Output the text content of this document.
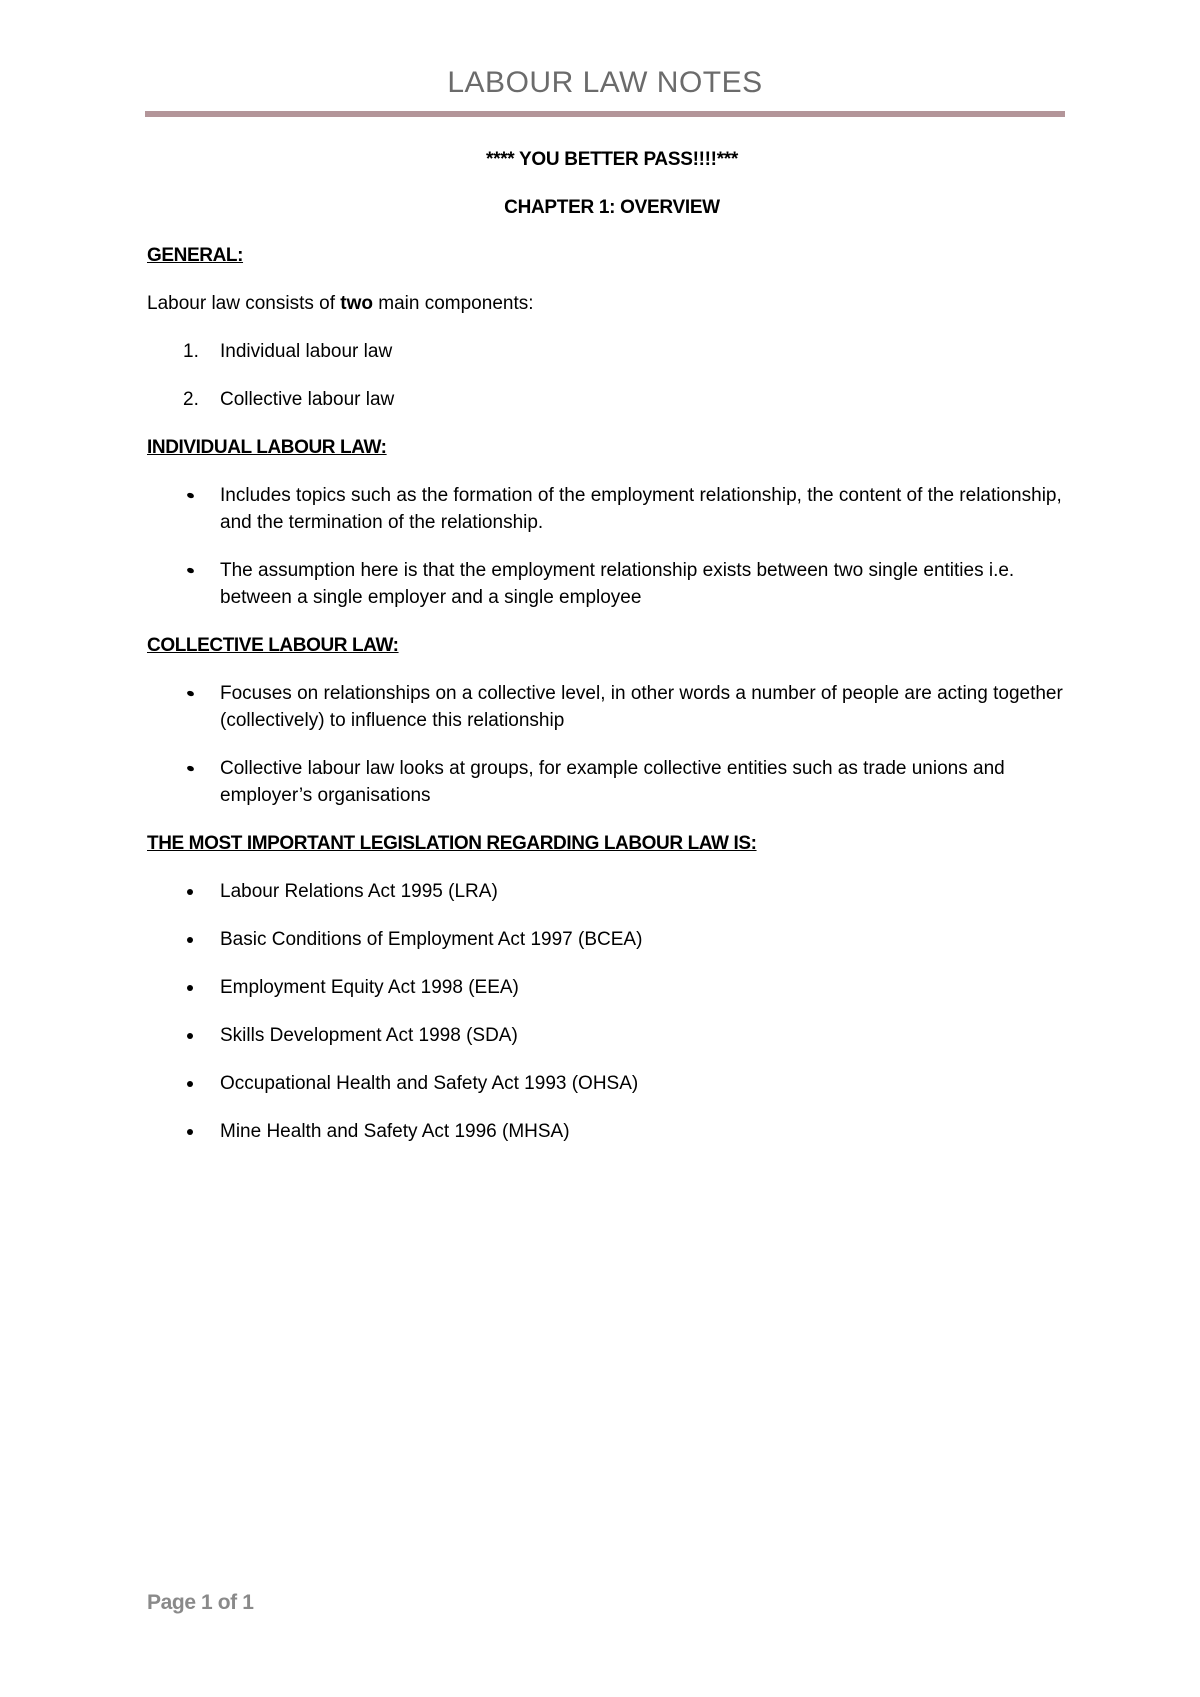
LABOUR LAW NOTES

**** YOU BETTER PASS!!!!***

CHAPTER 1: OVERVIEW

GENERAL:

Labour law consists of two main components:

1. Individual labour law
2. Collective labour law

INDIVIDUAL LABOUR LAW:

Includes topics such as the formation of the employment relationship, the content of the relationship, and the termination of the relationship.
The assumption here is that the employment relationship exists between two single entities i.e. between a single employer and a single employee

COLLECTIVE LABOUR LAW:

Focuses on relationships on a collective level, in other words a number of people are acting together (collectively) to influence this relationship
Collective labour law looks at groups, for example collective entities such as trade unions and employer’s organisations

THE MOST IMPORTANT LEGISLATION REGARDING LABOUR LAW IS:

Labour Relations Act 1995 (LRA)
Basic Conditions of Employment Act 1997 (BCEA)
Employment Equity Act 1998 (EEA)
Skills Development Act 1998 (SDA)
Occupational Health and Safety Act 1993 (OHSA)
Mine Health and Safety Act 1996 (MHSA)
Page 1 of 1
